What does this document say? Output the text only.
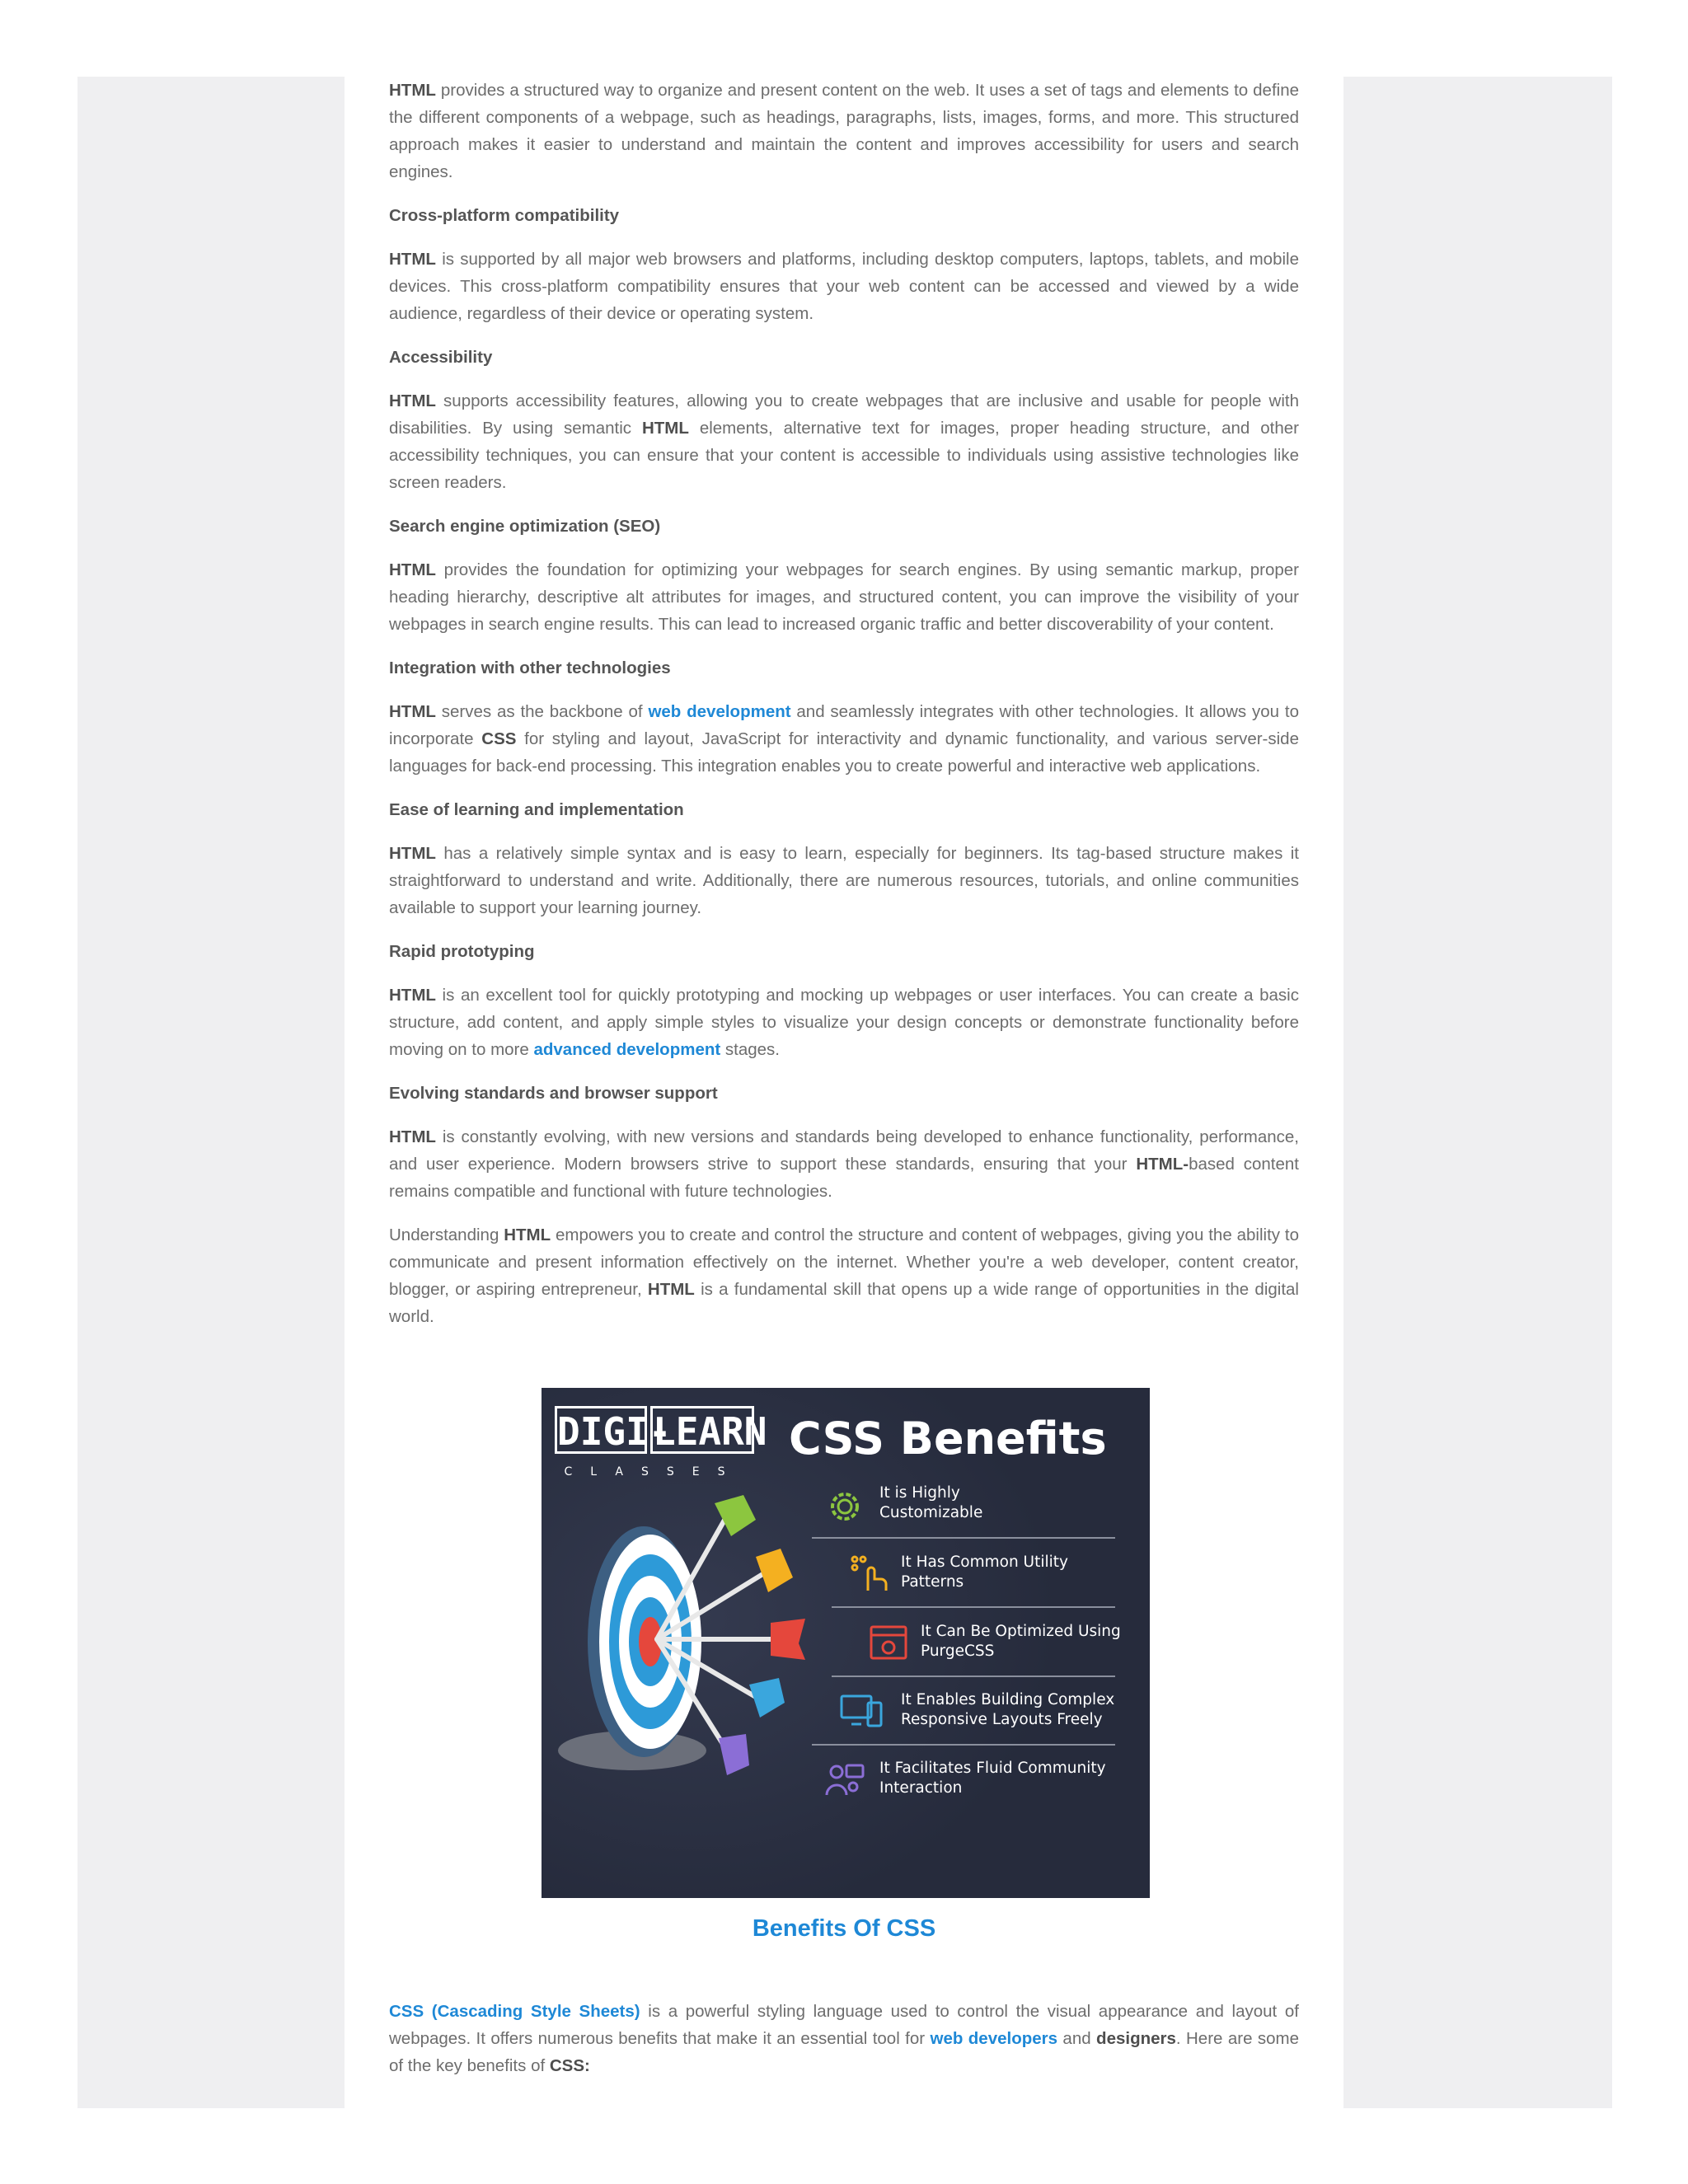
HTML provides a structured way to organize and present content on the web. It uses a set of tags and elements to define the different components of a webpage, such as headings, paragraphs, lists, images, forms, and more. This structured approach makes it easier to understand and maintain the content and improves accessibility for users and search engines.

Cross-platform compatibility

HTML is supported by all major web browsers and platforms, including desktop computers, laptops, tablets, and mobile devices. This cross-platform compatibility ensures that your web content can be accessed and viewed by a wide audience, regardless of their device or operating system.

Accessibility

HTML supports accessibility features, allowing you to create webpages that are inclusive and usable for people with disabilities. By using semantic HTML elements, alternative text for images, proper heading structure, and other accessibility techniques, you can ensure that your content is accessible to individuals using assistive technologies like screen readers.

Search engine optimization (SEO)

HTML provides the foundation for optimizing your webpages for search engines. By using semantic markup, proper heading hierarchy, descriptive alt attributes for images, and structured content, you can improve the visibility of your webpages in search engine results. This can lead to increased organic traffic and better discoverability of your content.

Integration with other technologies

HTML serves as the backbone of web development and seamlessly integrates with other technologies. It allows you to incorporate CSS for styling and layout, JavaScript for interactivity and dynamic functionality, and various server-side languages for back-end processing. This integration enables you to create powerful and interactive web applications.

Ease of learning and implementation

HTML has a relatively simple syntax and is easy to learn, especially for beginners. Its tag-based structure makes it straightforward to understand and write. Additionally, there are numerous resources, tutorials, and online communities available to support your learning journey.

Rapid prototyping

HTML is an excellent tool for quickly prototyping and mocking up webpages or user interfaces. You can create a basic structure, add content, and apply simple styles to visualize your design concepts or demonstrate functionality before moving on to more advanced development stages.

Evolving standards and browser support

HTML is constantly evolving, with new versions and standards being developed to enhance functionality, performance, and user experience. Modern browsers strive to support these standards, ensuring that your HTML-based content remains compatible and functional with future technologies.

Understanding HTML empowers you to create and control the structure and content of webpages, giving you the ability to communicate and present information effectively on the internet. Whether you're a web developer, content creator, blogger, or aspiring entrepreneur, HTML is a fundamental skill that opens up a wide range of opportunities in the digital world.

DIGI-
LEARN
CLASSES
CSS Benefits
It is Highly
Customizable
It Has Common Utility
Patterns
It Can Be Optimized Using
PurgeCSS
It Enables Building Complex
Responsive Layouts Freely
It Facilitates Fluid Community
Interaction
Benefits Of CSS

CSS (Cascading Style Sheets) is a powerful styling language used to control the visual appearance and layout of webpages. It offers numerous benefits that make it an essential tool for web developers and designers. Here are some of the key benefits of CSS:
